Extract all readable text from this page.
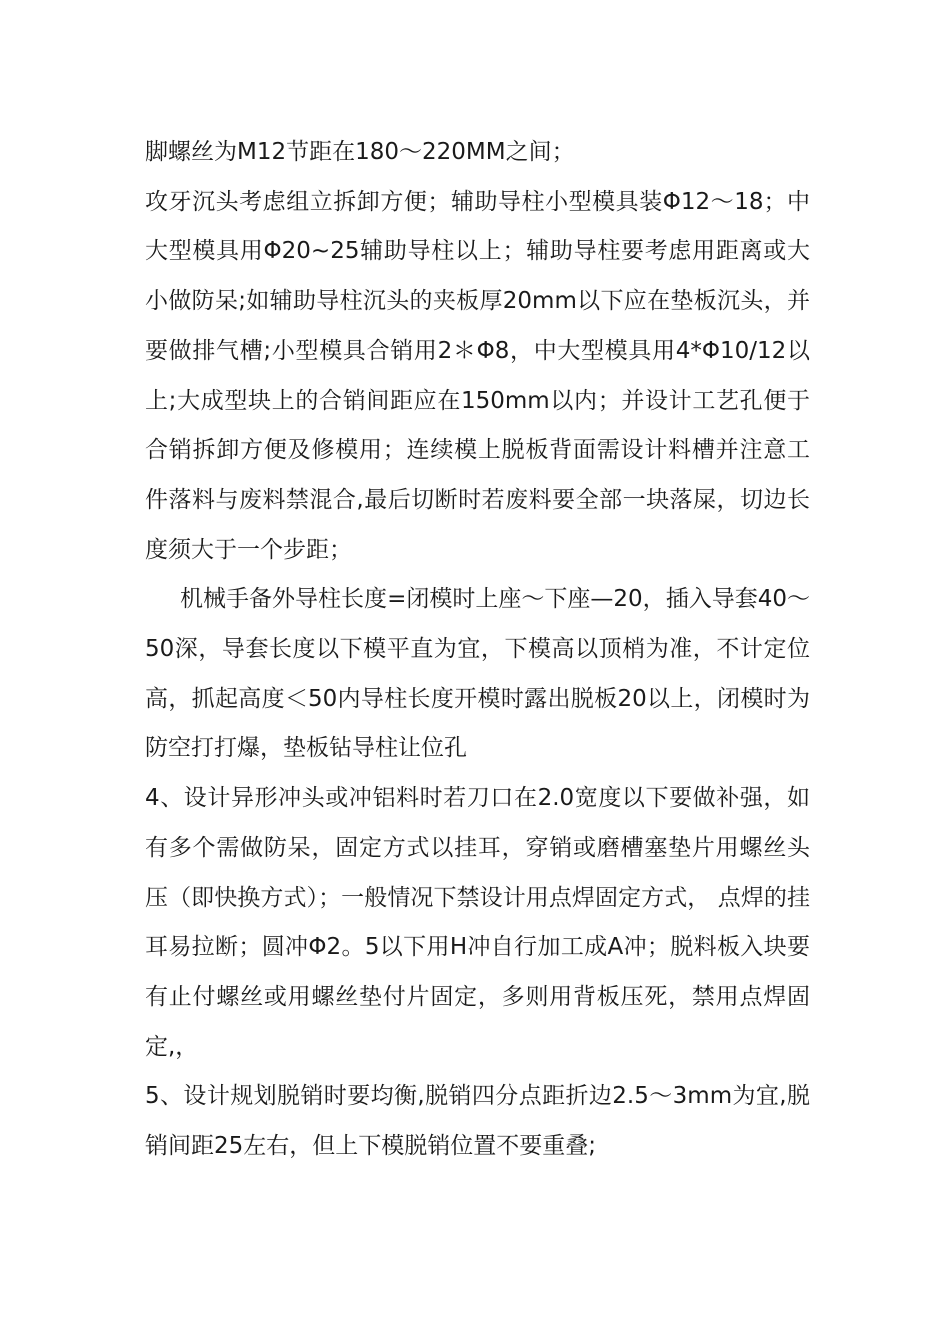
脚螺丝为M12节距在180～220MM之间；

攻牙沉头考虑组立拆卸方便；辅助导柱小型模具装Φ12～18；中大型模具用Φ20~25辅助导柱以上；辅助导柱要考虑用距离或大小做防呆;如辅助导柱沉头的夹板厚20mm以下应在垫板沉头，并要做排气槽;小型模具合销用2＊Φ8，中大型模具用4*Φ10/12以上;大成型块上的合销间距应在150mm以内；并设计工艺孔便于合销拆卸方便及修模用；连续模上脱板背面需设计料槽并注意工件落料与废料禁混合,最后切断时若废料要全部一块落屎，切边长度须大于一个步距；

机械手备外导柱长度=闭模时上座～下座—20，插入导套40～50深，导套长度以下模平直为宜，下模高以顶梢为准，不计定位高，抓起高度＜50内导柱长度开模时露出脱板20以上，闭模时为防空打打爆，垫板钻导柱让位孔

4、设计异形冲头或冲铝料时若刀口在2.0宽度以下要做补强，如有多个需做防呆，固定方式以挂耳，穿销或磨槽塞垫片用螺丝头压（即快换方式）；一般情况下禁设计用点焊固定方式， 点焊的挂耳易拉断；圆冲Φ2。5以下用H冲自行加工成A冲；脱料板入块要有止付螺丝或用螺丝垫付片固定，多则用背板压死，禁用点焊固定,，

5、设计规划脱销时要均衡,脱销四分点距折边2.5～3mm为宜,脱销间距25左右，但上下模脱销位置不要重叠;
